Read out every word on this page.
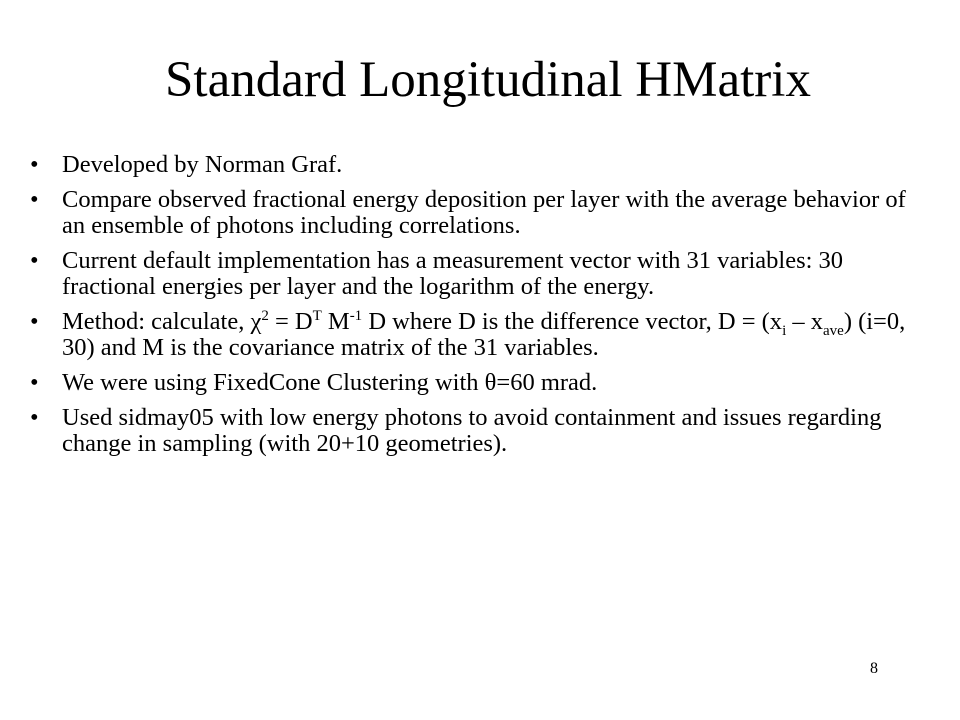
Standard Longitudinal HMatrix
• Developed by Norman Graf.
• Compare observed fractional energy deposition per layer with the average behavior of an ensemble of photons including correlations.
• Current default implementation has a measurement vector with 31 variables: 30 fractional energies per layer and the logarithm of the energy.
• Method: calculate, $\chi^2 = D^T$ $M^{-1}$ D where D is the difference vector, $D = (x_i - x_{ave})$ (i=0, 30) and M is the covariance matrix of the 31 variables.
• We were using FixedCone Clustering with θ=60 mrad.
• Used sidmay05 with low energy photons to avoid containment and issues regarding change in sampling (with 20+10 geometries).
8
